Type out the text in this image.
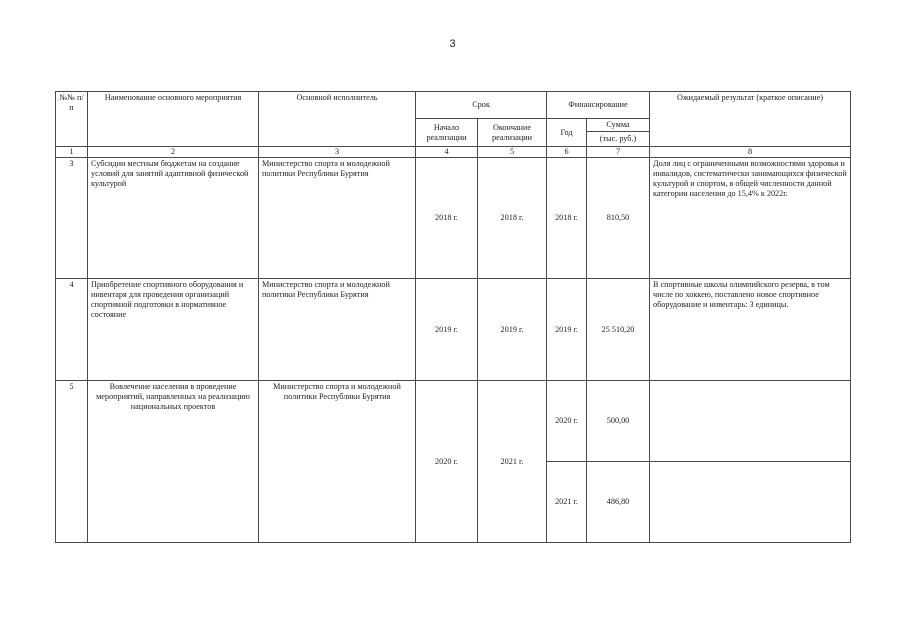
3
№№ п/п	Наименование основного мероприятия	Основной исполнитель	Срок		Финансирование		Ожидаемый результат (краткое описание)
			Начало реализации	Окончание реализации	Год	Сумма
(тыс. руб.)	

1	2	3	4	5	6	7	8
3	Субсидии местным бюджетам на создание условий для занятий адаптивной физической культурой	Министерство спорта и молодежной политики Республики Бурятия	2018 г.	2018 г.	2018 г.	810,50	Доля лиц с ограниченными возможностями здоровья и инвалидов, систематически занимающихся физической культурой и спортом, в общей численности данной категории населения до 15,4% к 2022г.
4	Приобретение спортивного оборудования и инвентаря для проведения организаций спортивной подготовки в нормативное состояние	Министерство спорта и молодежной политики Республики Бурятия	2019 г.	2019 г.	2019 г.	25 510,20	В спортивные школы олимпийского резерва, в том числе по хоккею, поставлено новое спортивное оборудование и инвентарь: 3 единицы.
5	Вовлечение населения в проведение мероприятий, направленных на реализацию национальных проектов	Министерство спорта и молодежной политики Республики Бурятия	2020 г.	2021 г.	2020 г.	500,00	
					2021 г.	486,80	
